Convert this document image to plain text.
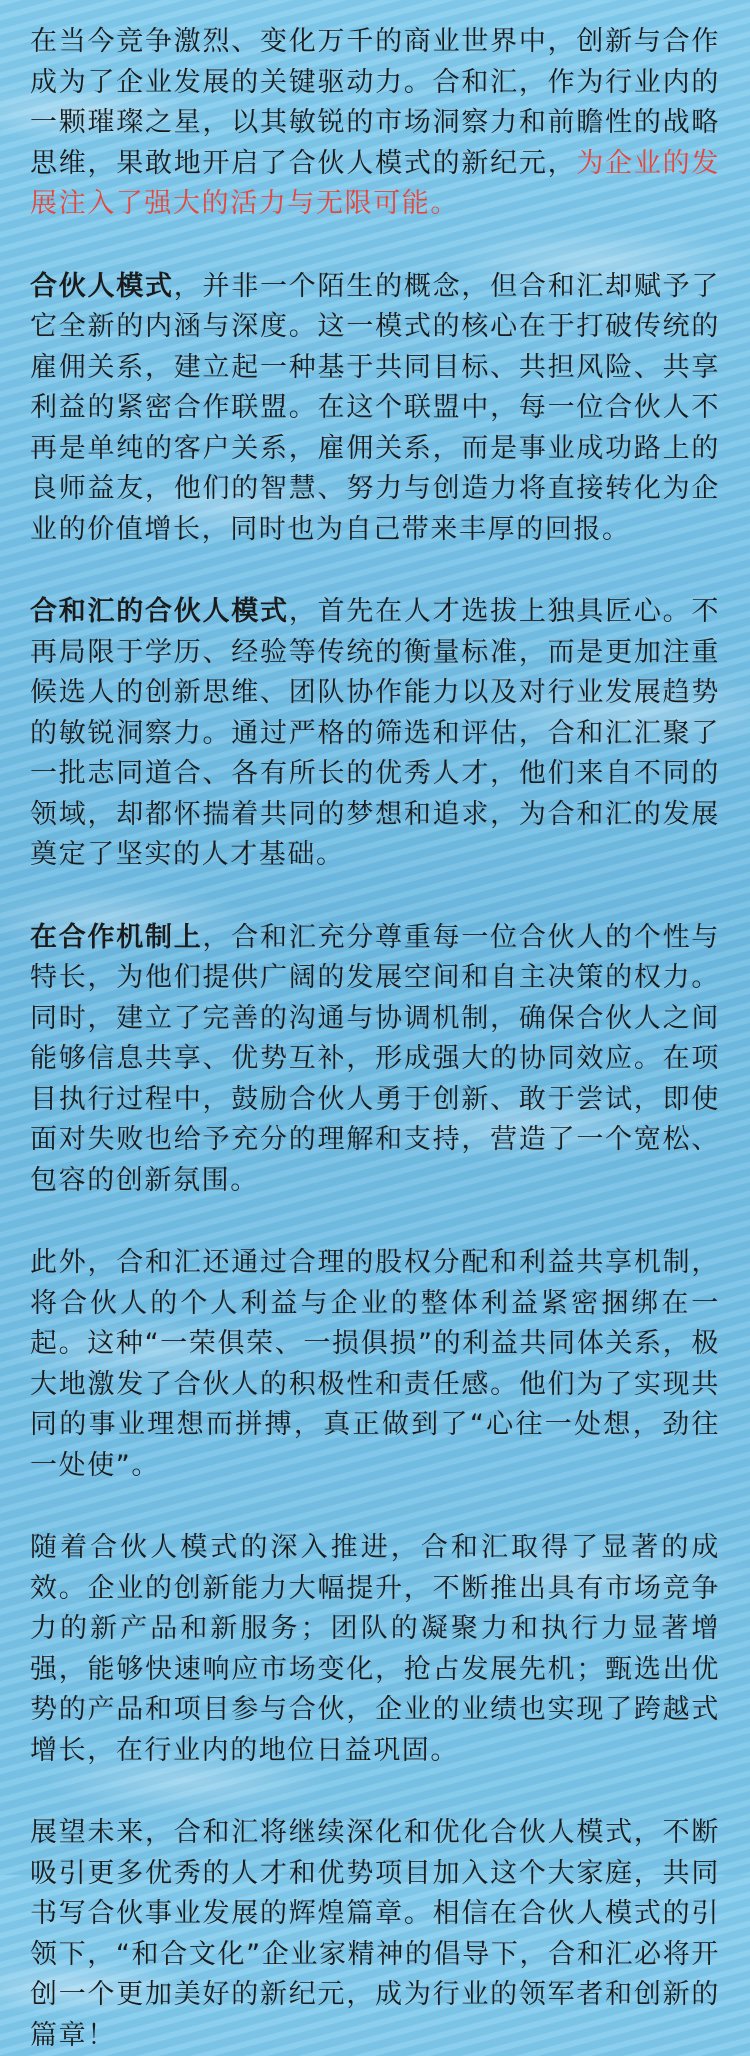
在当今竞争激烈、变化万千的商业世界中，创新与合作成为了企业发展的关键驱动力。合和汇，作为行业内的一颗璀璨之星，以其敏锐的市场洞察力和前瞻性的战略思维，果敢地开启了合伙人模式的新纪元，为企业的发展注入了强大的活力与无限可能。

合伙人模式，并非一个陌生的概念，但合和汇却赋予了它全新的内涵与深度。这一模式的核心在于打破传统的雇佣关系，建立起一种基于共同目标、共担风险、共享利益的紧密合作联盟。在这个联盟中，每一位合伙人不再是单纯的客户关系，雇佣关系，而是事业成功路上的良师益友，他们的智慧、努力与创造力将直接转化为企业的价值增长，同时也为自己带来丰厚的回报。

合和汇的合伙人模式，首先在人才选拔上独具匠心。不再局限于学历、经验等传统的衡量标准，而是更加注重候选人的创新思维、团队协作能力以及对行业发展趋势的敏锐洞察力。通过严格的筛选和评估，合和汇汇聚了一批志同道合、各有所长的优秀人才，他们来自不同的领域，却都怀揣着共同的梦想和追求，为合和汇的发展奠定了坚实的人才基础。

在合作机制上，合和汇充分尊重每一位合伙人的个性与特长，为他们提供广阔的发展空间和自主决策的权力。同时，建立了完善的沟通与协调机制，确保合伙人之间能够信息共享、优势互补，形成强大的协同效应。在项目执行过程中，鼓励合伙人勇于创新、敢于尝试，即使面对失败也给予充分的理解和支持，营造了一个宽松、包容的创新氛围。

此外，合和汇还通过合理的股权分配和利益共享机制，将合伙人的个人利益与企业的整体利益紧密捆绑在一起。这种“一荣俱荣、一损俱损”的利益共同体关系，极大地激发了合伙人的积极性和责任感。他们为了实现共同的事业理想而拼搏，真正做到了“心往一处想，劲往一处使”。

随着合伙人模式的深入推进，合和汇取得了显著的成效。企业的创新能力大幅提升，不断推出具有市场竞争力的新产品和新服务；团队的凝聚力和执行力显著增强，能够快速响应市场变化，抢占发展先机；甄选出优势的产品和项目参与合伙，企业的业绩也实现了跨越式增长，在行业内的地位日益巩固。

展望未来，合和汇将继续深化和优化合伙人模式，不断吸引更多优秀的人才和优势项目加入这个大家庭，共同书写合伙事业发展的辉煌篇章。相信在合伙人模式的引领下，“和合文化”企业家精神的倡导下，合和汇必将开创一个更加美好的新纪元，成为行业的领军者和创新的篇章！
